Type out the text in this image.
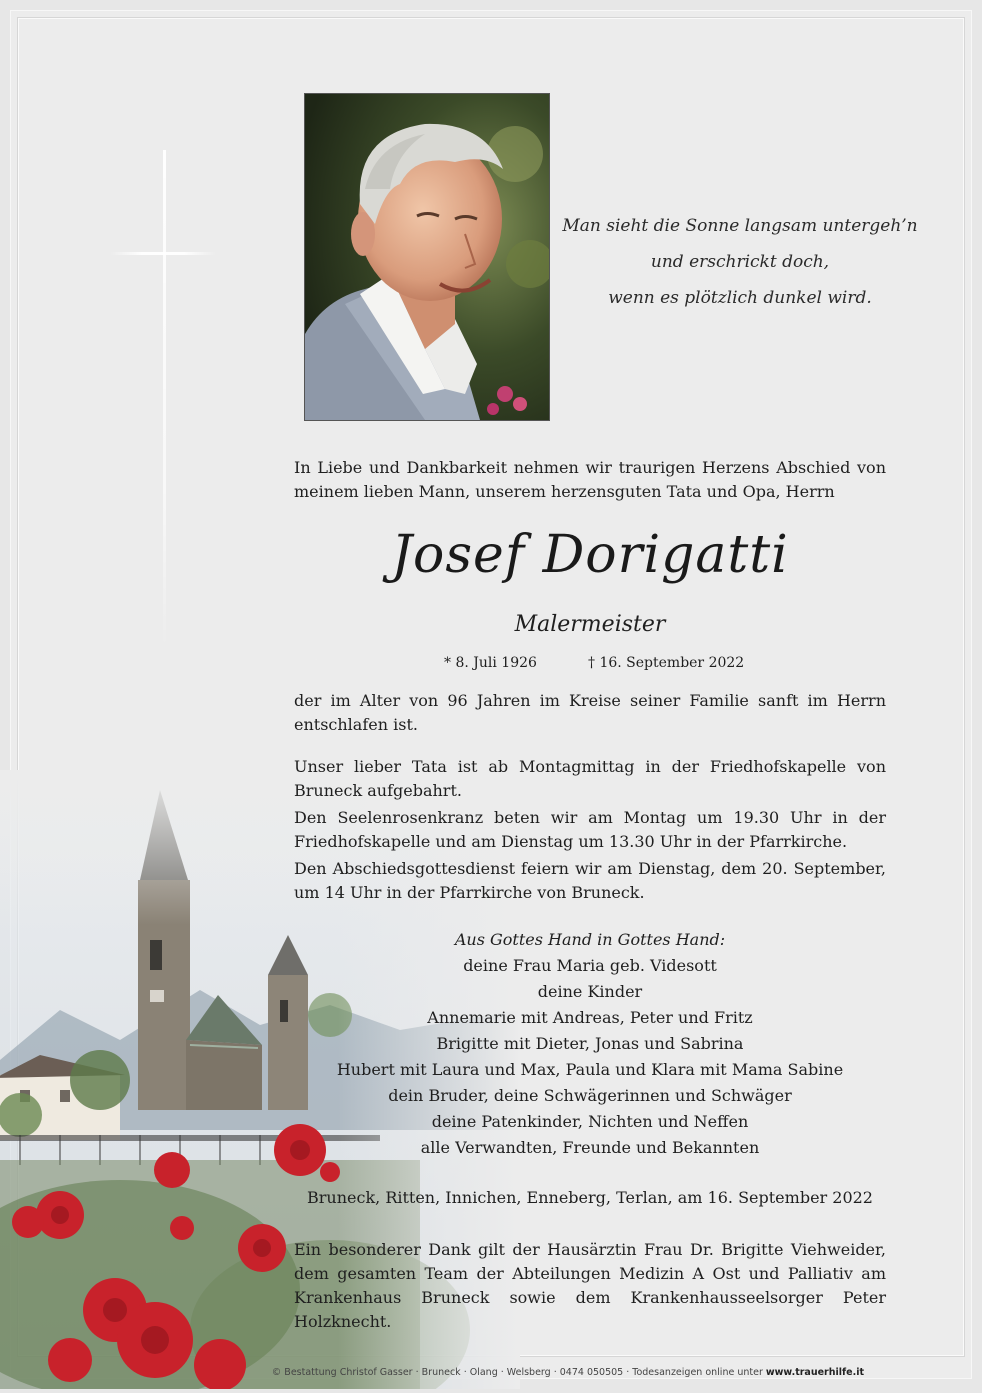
Man sieht die Sonne langsam untergeh’n
und erschrickt doch,
wenn es plötzlich dunkel wird.
In Liebe und Dankbarkeit nehmen wir traurigen Herzens Abschied von
meinem lieben Mann, unserem herzensguten Tata und Opa, Herrn
Josef Dorigatti
Malermeister
* 8. Juli 1926	† 16. September 2022
der im Alter von 96 Jahren im Kreise seiner Familie sanft im Herrn entschlafen ist.
Unser lieber Tata ist ab Montagmittag in der Friedhofskapelle von Bruneck aufgebahrt.
Den Seelenrosenkranz beten wir am Montag um 19.30 Uhr in der Friedhofskapelle und am Dienstag um 13.30 Uhr in der Pfarrkirche.
Den Abschiedsgottesdienst feiern wir am Dienstag, dem 20. September, um 14 Uhr in der Pfarrkirche von Bruneck.
Aus Gottes Hand in Gottes Hand:
deine Frau Maria geb. Videsott
deine Kinder
Annemarie mit Andreas, Peter und Fritz
Brigitte mit Dieter, Jonas und Sabrina
Hubert mit Laura und Max, Paula und Klara mit Mama Sabine
dein Bruder, deine Schwägerinnen und Schwäger
deine Patenkinder, Nichten und Neffen
alle Verwandten, Freunde und Bekannten
Bruneck, Ritten, Innichen, Enneberg, Terlan, am 16. September 2022
Ein besonderer Dank gilt der Hausärztin Frau Dr. Brigitte Viehweider, dem gesamten Team der Abteilungen Medizin A Ost und Palliativ am Krankenhaus Bruneck sowie dem Krankenhausseelsorger Peter Holzknecht.
© Bestattung Christof Gasser · Bruneck · Olang · Welsberg · 0474 050505 · Todesanzeigen online unter www.trauerhilfe.it
